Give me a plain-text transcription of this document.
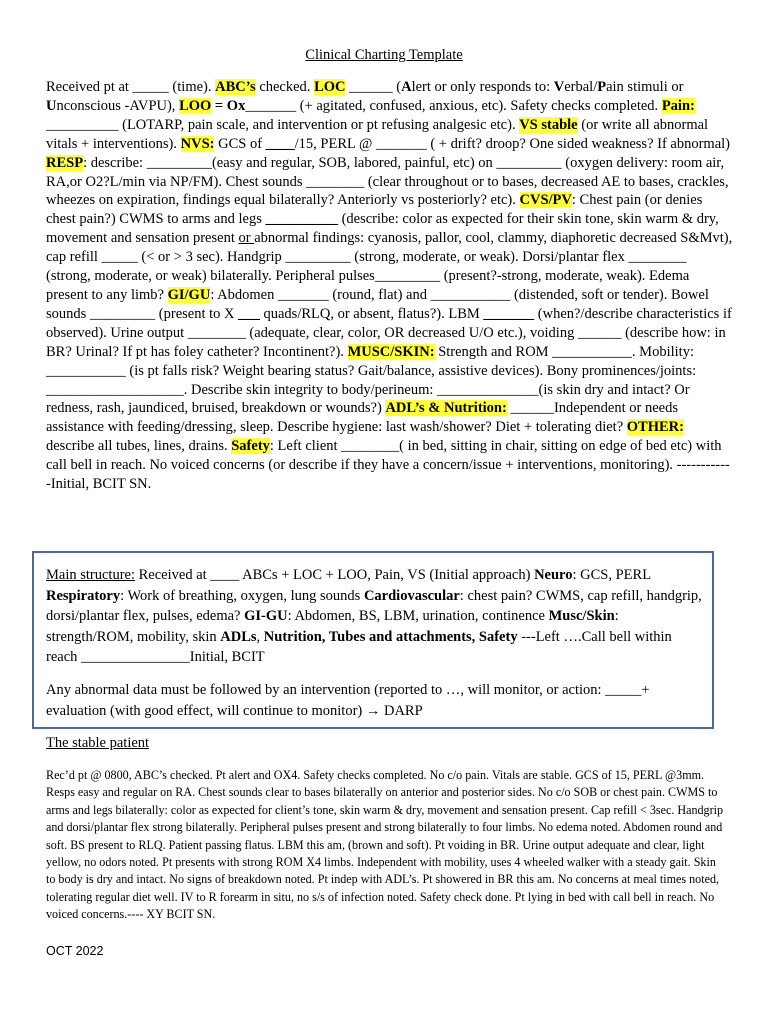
Clinical Charting Template

Received pt at _____ (time). ABC’s checked. LOC ______ (Alert or only responds to: Verbal/Pain stimuli or Unconscious -AVPU), LOO = Ox_______ (+ agitated, confused, anxious, etc). Safety checks completed. Pain: __________ (LOTARP, pain scale, and intervention or pt refusing analgesic etc). VS stable (or write all abnormal vitals + interventions). NVS: GCS of ____/15, PERL @ _______ ( + drift? droop? One sided weakness? If abnormal) RESP: describe: _________(easy and regular, SOB, labored, painful, etc) on _________ (oxygen delivery: room air, RA,or O2?L/min via NP/FM). Chest sounds ________ (clear throughout or to bases, decreased AE to bases, crackles, wheezes on expiration, findings equal bilaterally? Anteriorly vs posteriorly? etc). CVS/PV: Chest pain (or denies chest pain?) CWMS to arms and legs __________ (describe: color as expected for their skin tone, skin warm & dry, movement and sensation present or abnormal findings: cyanosis, pallor, cool, clammy, diaphoretic decreased S&Mvt), cap refill _____ (< or > 3 sec). Handgrip _________ (strong, moderate, or weak). Dorsi/plantar flex ________ (strong, moderate, or weak) bilaterally. Peripheral pulses_________ (present?-strong, moderate, weak). Edema present to any limb? GI/GU: Abdomen _______ (round, flat) and ___________ (distended, soft or tender). Bowel sounds _________ (present to X ___ quads/RLQ, or absent, flatus?). LBM _______ (when?/describe characteristics if observed). Urine output ________ (adequate, clear, color, OR decreased U/O etc.), voiding ______ (describe how: in BR? Urinal? If pt has foley catheter? Incontinent?). MUSC/SKIN: Strength and ROM ___________. Mobility: ___________ (is pt falls risk? Weight bearing status? Gait/balance, assistive devices). Bony prominences/joints: ___________________. Describe skin integrity to body/perineum: ______________(is skin dry and intact? Or redness, rash, jaundiced, bruised, breakdown or wounds?) ADL’s & Nutrition: ______Independent or needs assistance with feeding/dressing, sleep. Describe hygiene: last wash/shower? Diet + tolerating diet? OTHER: describe all tubes, lines, drains. Safety: Left client ________( in bed, sitting in chair, sitting on edge of bed etc) with call bell in reach. No voiced concerns (or describe if they have a concern/issue + interventions, monitoring). ------------Initial, BCIT SN.

Main structure: Received at ____ ABCs + LOC + LOO, Pain, VS (Initial approach) Neuro: GCS, PERL Respiratory: Work of breathing, oxygen, lung sounds Cardiovascular: chest pain? CWMS, cap refill, handgrip, dorsi/plantar flex, pulses, edema? GI-GU: Abdomen, BS, LBM, urination, continence Musc/Skin: strength/ROM, mobility, skin ADLs, Nutrition, Tubes and attachments, Safety ---Left ….Call bell within reach _______________Initial, BCIT

Any abnormal data must be followed by an intervention (reported to …, will monitor, or action: _____+ evaluation (with good effect, will continue to monitor) → DARP

The stable patient

Rec’d pt @ 0800, ABC’s checked. Pt alert and OX4. Safety checks completed. No c/o pain. Vitals are stable. GCS of 15, PERL @3mm. Resps easy and regular on RA. Chest sounds clear to bases bilaterally on anterior and posterior sides. No c/o SOB or chest pain. CWMS to arms and legs bilaterally: color as expected for client’s tone, skin warm & dry, movement and sensation present. Cap refill < 3sec. Handgrip and dorsi/plantar flex strong bilaterally. Peripheral pulses present and strong bilaterally to four limbs. No edema noted. Abdomen round and soft. BS present to RLQ. Patient passing flatus. LBM this am, (brown and soft). Pt voiding in BR. Urine output adequate and clear, light yellow, no odors noted. Pt presents with strong ROM X4 limbs. Independent with mobility, uses 4 wheeled walker with a steady gait. Skin to body is dry and intact. No signs of breakdown noted. Pt indep with ADL’s. Pt showered in BR this am. No concerns at meal times noted, tolerating regular diet well. IV to R forearm in situ, no s/s of infection noted. Safety check done. Pt lying in bed with call bell in reach. No voiced concerns.---- XY BCIT SN.

OCT 2022
